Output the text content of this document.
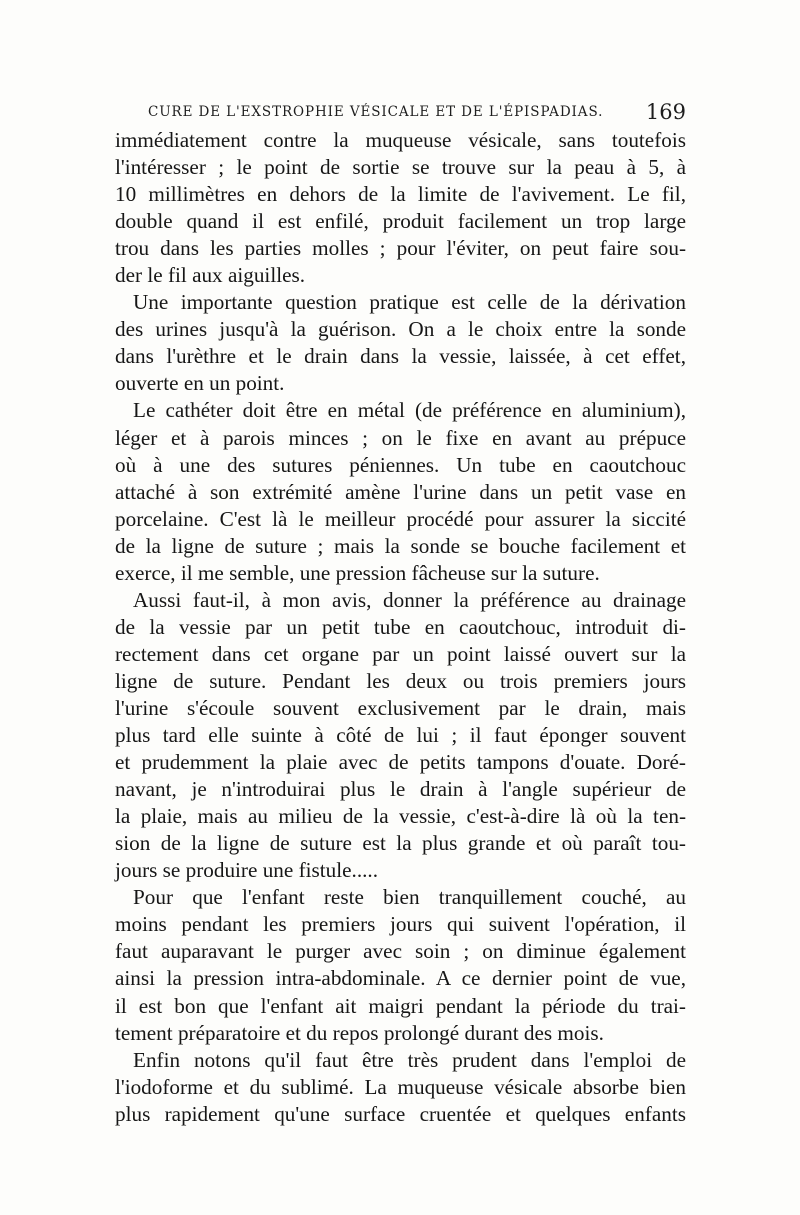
CURE DE L'EXSTROPHIE VÉSICALE ET DE L'ÉPISPADIAS. 169
immédiatement contre la muqueuse vésicale, sans toutefois
l'intéresser ; le point de sortie se trouve sur la peau à 5, à
10 millimètres en dehors de la limite de l'avivement. Le fil,
double quand il est enfilé, produit facilement un trop large
trou dans les parties molles ; pour l'éviter, on peut faire sou-
der le fil aux aiguilles.
Une importante question pratique est celle de la dérivation
des urines jusqu'à la guérison. On a le choix entre la sonde
dans l'urèthre et le drain dans la vessie, laissée, à cet effet,
ouverte en un point.
Le cathéter doit être en métal (de préférence en aluminium),
léger et à parois minces ; on le fixe en avant au prépuce
où à une des sutures péniennes. Un tube en caoutchouc
attaché à son extrémité amène l'urine dans un petit vase en
porcelaine. C'est là le meilleur procédé pour assurer la siccité
de la ligne de suture ; mais la sonde se bouche facilement et
exerce, il me semble, une pression fâcheuse sur la suture.
Aussi faut-il, à mon avis, donner la préférence au drainage
de la vessie par un petit tube en caoutchouc, introduit di-
rectement dans cet organe par un point laissé ouvert sur la
ligne de suture. Pendant les deux ou trois premiers jours
l'urine s'écoule souvent exclusivement par le drain, mais
plus tard elle suinte à côté de lui ; il faut éponger souvent
et prudemment la plaie avec de petits tampons d'ouate. Doré-
navant, je n'introduirai plus le drain à l'angle supérieur de
la plaie, mais au milieu de la vessie, c'est-à-dire là où la ten-
sion de la ligne de suture est la plus grande et où paraît tou-
jours se produire une fistule.....
Pour que l'enfant reste bien tranquillement couché, au
moins pendant les premiers jours qui suivent l'opération, il
faut auparavant le purger avec soin ; on diminue également
ainsi la pression intra-abdominale. A ce dernier point de vue,
il est bon que l'enfant ait maigri pendant la période du trai-
tement préparatoire et du repos prolongé durant des mois.
Enfin notons qu'il faut être très prudent dans l'emploi de
l'iodoforme et du sublimé. La muqueuse vésicale absorbe bien
plus rapidement qu'une surface cruentée et quelques enfants
